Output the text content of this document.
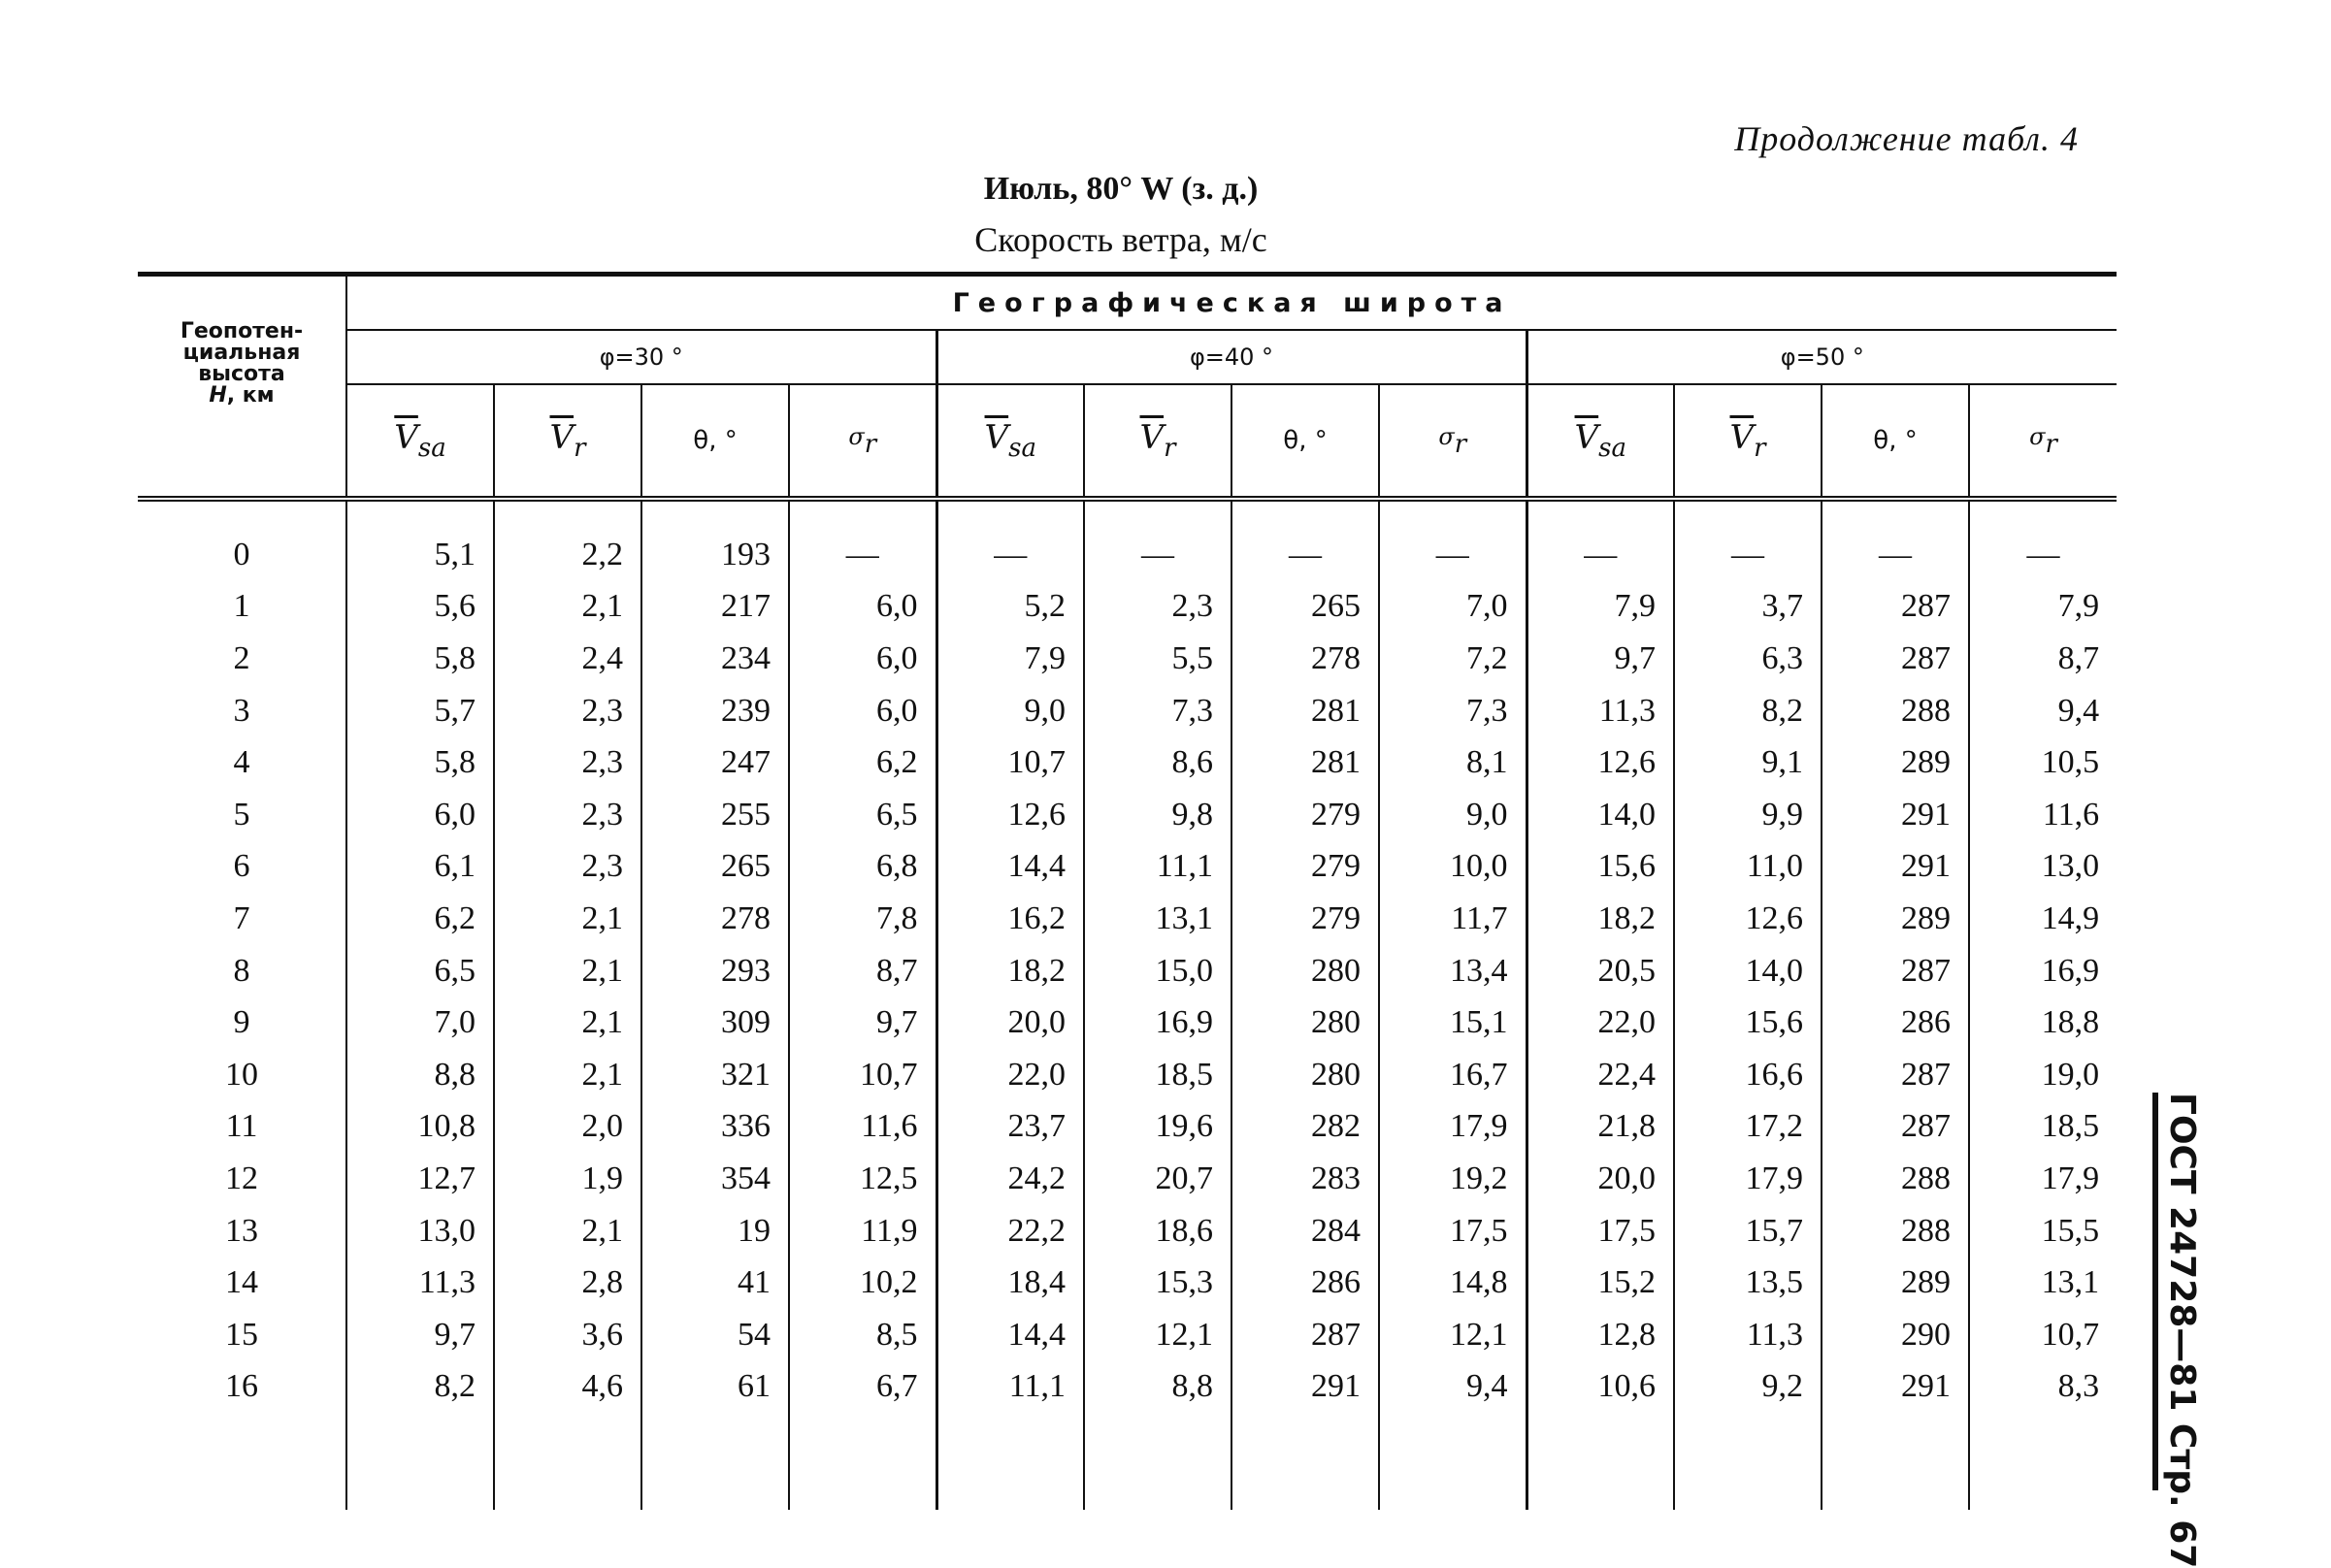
Продолжение табл. 4
Июль, 80° W (з. д.)
Скорость ветра, м/с
Геопотен-
циальная
высота
H, км	Географическая широта											
	φ=30 °				φ=40 °				φ=50 °			
	$\overline{V}_{sa}$	$\overline{V}_r$	θ, °	σr	$\overline{V}_{sa}$	$\overline{V}_r$	θ, °	σr	$\overline{V}_{sa}$	$\overline{V}_r$	θ, °	σr

0	5,1	2,2	193	—	—	—	—	—	—	—	—	—
1	5,6	2,1	217	6,0	5,2	2,3	265	7,0	7,9	3,7	287	7,9
2	5,8	2,4	234	6,0	7,9	5,5	278	7,2	9,7	6,3	287	8,7
3	5,7	2,3	239	6,0	9,0	7,3	281	7,3	11,3	8,2	288	9,4
4	5,8	2,3	247	6,2	10,7	8,6	281	8,1	12,6	9,1	289	10,5
5	6,0	2,3	255	6,5	12,6	9,8	279	9,0	14,0	9,9	291	11,6
6	6,1	2,3	265	6,8	14,4	11,1	279	10,0	15,6	11,0	291	13,0
7	6,2	2,1	278	7,8	16,2	13,1	279	11,7	18,2	12,6	289	14,9
8	6,5	2,1	293	8,7	18,2	15,0	280	13,4	20,5	14,0	287	16,9
9	7,0	2,1	309	9,7	20,0	16,9	280	15,1	22,0	15,6	286	18,8
10	8,8	2,1	321	10,7	22,0	18,5	280	16,7	22,4	16,6	287	19,0
11	10,8	2,0	336	11,6	23,7	19,6	282	17,9	21,8	17,2	287	18,5
12	12,7	1,9	354	12,5	24,2	20,7	283	19,2	20,0	17,9	288	17,9
13	13,0	2,1	19	11,9	22,2	18,6	284	17,5	17,5	15,7	288	15,5
14	11,3	2,8	41	10,2	18,4	15,3	286	14,8	15,2	13,5	289	13,1
15	9,7	3,6	54	8,5	14,4	12,1	287	12,1	12,8	11,3	290	10,7
16	8,2	4,6	61	6,7	11,1	8,8	291	9,4	10,6	9,2	291	8,3
												ГОСТ 24728—81 Стр. 67
